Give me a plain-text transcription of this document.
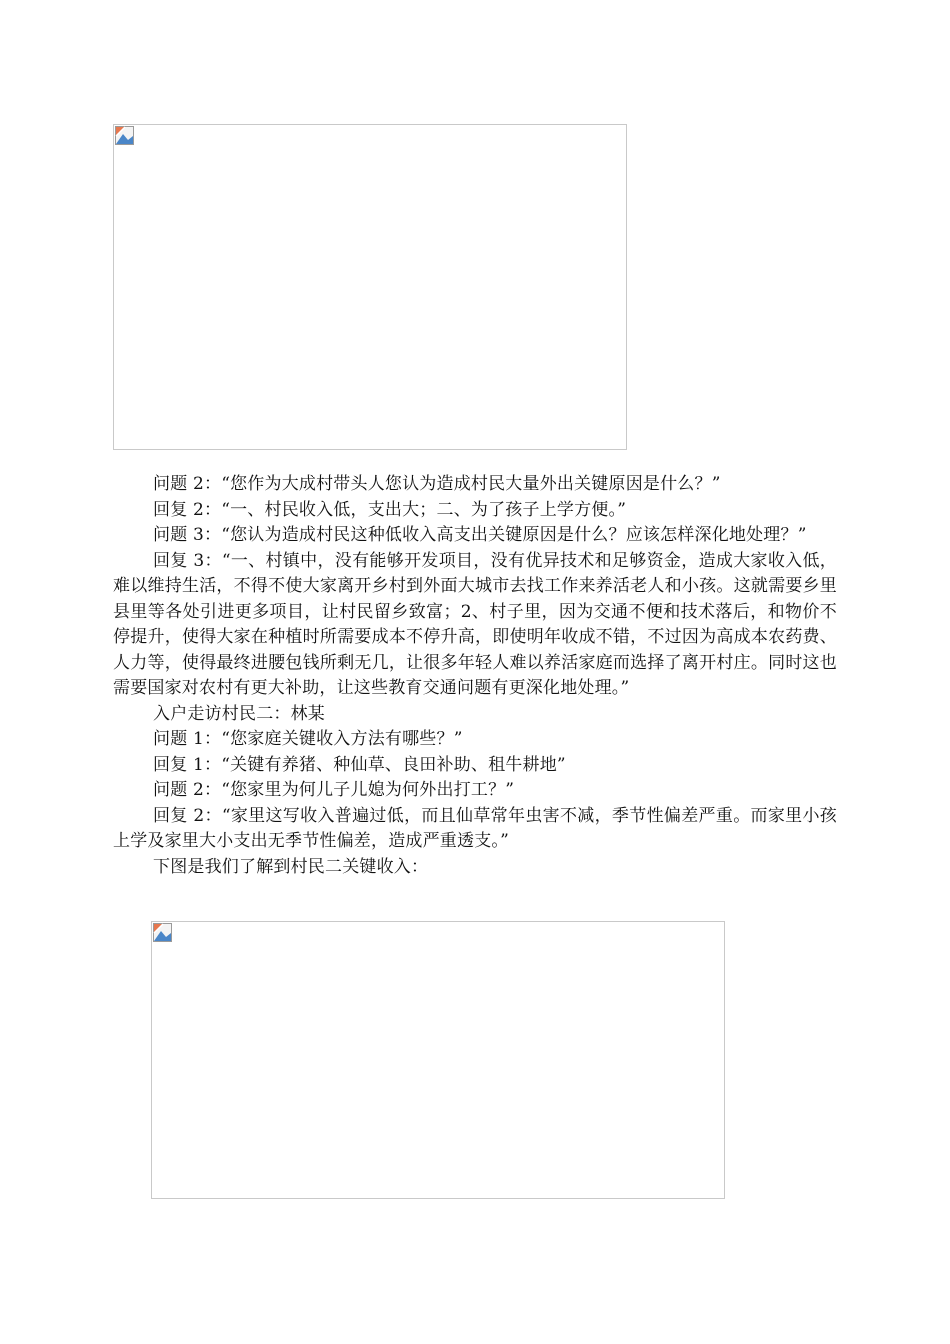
问题 2：“您作为大成村带头人您认为造成村民大量外出关键原因是什么？”

回复 2：“一、村民收入低，支出大；二、为了孩子上学方便。”

问题 3：“您认为造成村民这种低收入高支出关键原因是什么？应该怎样深化地处理？”

回复 3：“一、村镇中，没有能够开发项目，没有优异技术和足够资金，造成大家收入低，难以维持生活，不得不使大家离开乡村到外面大城市去找工作来养活老人和小孩。这就需要乡里县里等各处引进更多项目，让村民留乡致富；2、村子里，因为交通不便和技术落后，和物价不停提升，使得大家在种植时所需要成本不停升高，即使明年收成不错，不过因为高成本农药费、人力等，使得最终进腰包钱所剩无几，让很多年轻人难以养活家庭而选择了离开村庄。同时这也需要国家对农村有更大补助，让这些教育交通问题有更深化地处理。”

入户走访村民二：林某

问题 1：“您家庭关键收入方法有哪些？”

回复 1：“关键有养猪、种仙草、良田补助、租牛耕地”

问题 2：“您家里为何儿子儿媳为何外出打工？”

回复 2：“家里这写收入普遍过低，而且仙草常年虫害不减，季节性偏差严重。而家里小孩上学及家里大小支出无季节性偏差，造成严重透支。”

下图是我们了解到村民二关键收入：
